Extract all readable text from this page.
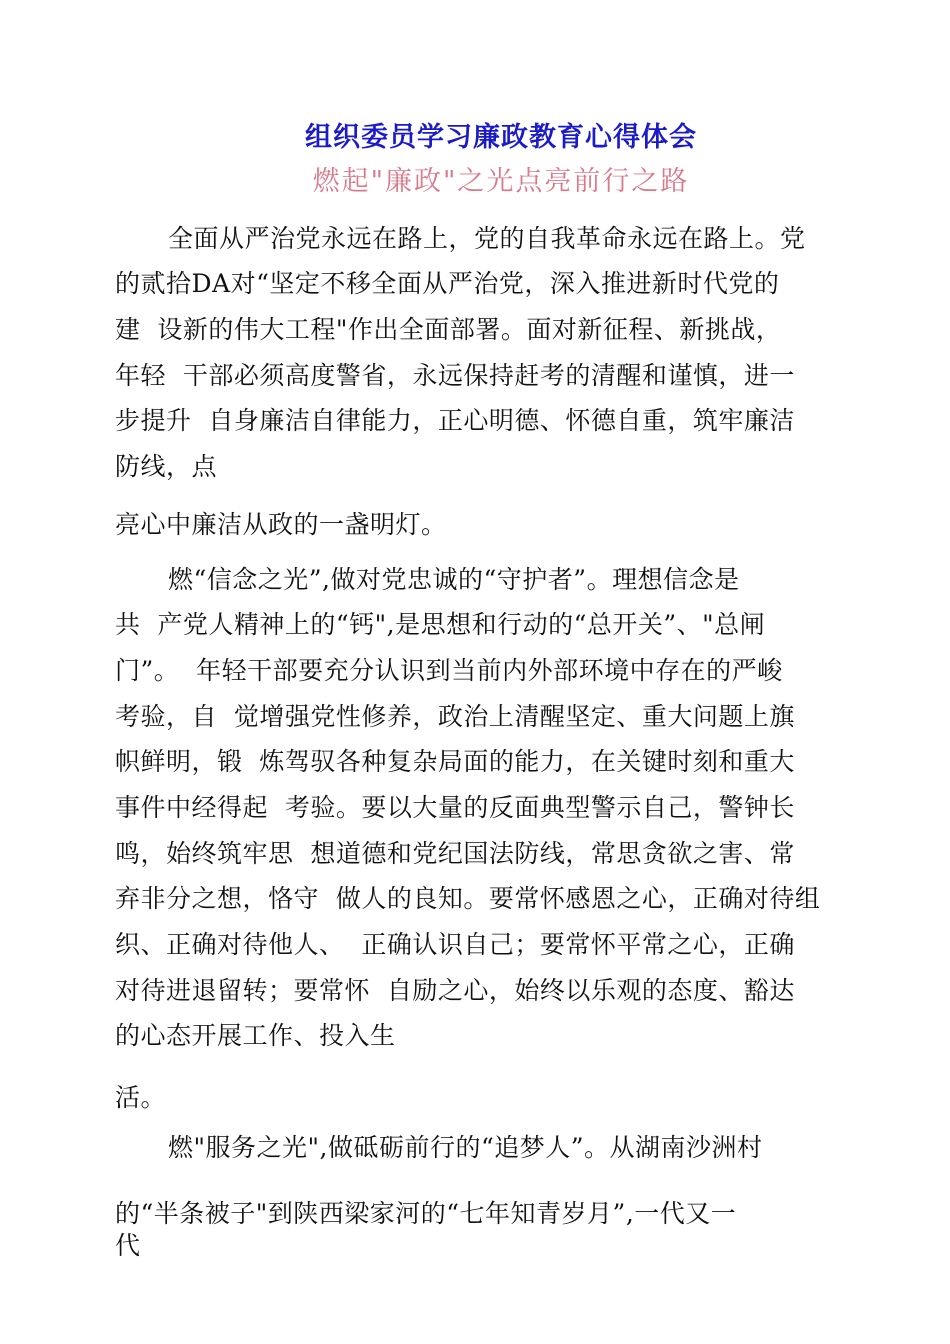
组织委员学习廉政教育心得体会
燃起"廉政"之光点亮前行之路
全面从严治党永远在路上，党的自我革命永远在路上。党
的贰拾DA对“坚定不移全面从严治党，深入推进新时代党的
建  设新的伟大工程"作出全面部署。面对新征程、新挑战，
年轻  干部必须高度警省，永远保持赶考的清醒和谨慎，进一
步提升  自身廉洁自律能力，正心明德、怀德自重，筑牢廉洁
防线，点
亮心中廉洁从政的一盏明灯。
燃“信念之光”,做对党忠诚的“守护者”。理想信念是
共  产党人精神上的“钙",是思想和行动的“总开关”、"总闸
门”。  年轻干部要充分认识到当前内外部环境中存在的严峻
考验，自  觉增强党性修养，政治上清醒坚定、重大问题上旗
帜鲜明，锻  炼驾驭各种复杂局面的能力，在关键时刻和重大
事件中经得起  考验。要以大量的反面典型警示自己，警钟长
鸣，始终筑牢思  想道德和党纪国法防线，常思贪欲之害、常
弃非分之想，恪守  做人的良知。要常怀感恩之心，正确对待组
织、正确对待他人、  正确认识自己；要常怀平常之心，正确
对待进退留转；要常怀  自励之心，始终以乐观的态度、豁达
的心态开展工作、投入生
活。
燃"服务之光",做砥砺前行的“追梦人”。从湖南沙洲村
的“半条被子"到陕西梁家河的“七年知青岁月”,一代又一
代
